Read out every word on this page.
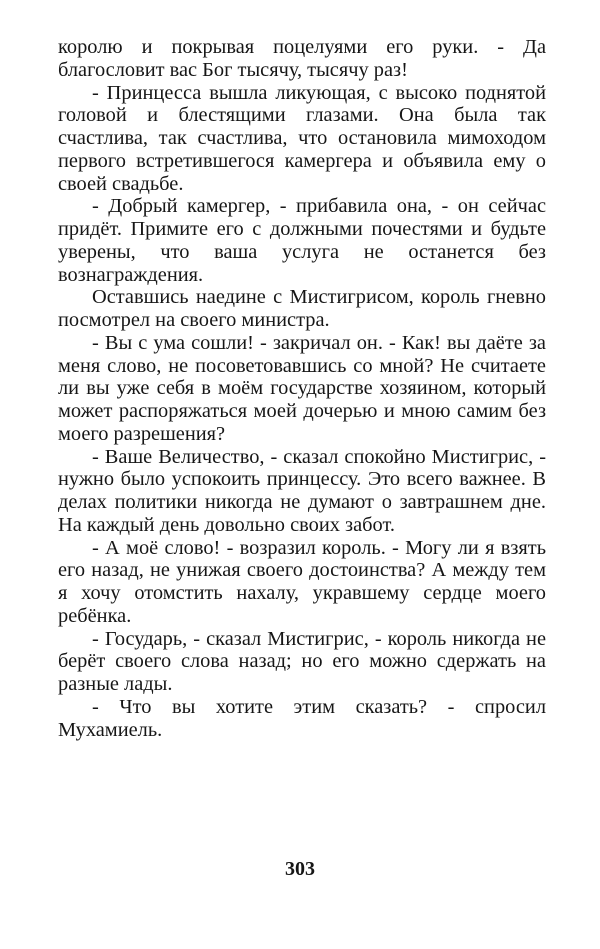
королю и покрывая поцелуями его руки. - Да благословит вас Бог тысячу, тысячу раз!

- Принцесса вышла ликующая, с высоко поднятой головой и блестящими глазами. Она была так счастлива, так счастлива, что остановила мимоходом первого встретившегося камергера и объявила ему о своей свадьбе.

- Добрый камергер, - прибавила она, - он сейчас придёт. Примите его с должными почестями и будьте уверены, что ваша услуга не останется без вознаграждения.

Оставшись наедине с Мистигрисом, король гневно посмотрел на своего министра.

- Вы с ума сошли! - закричал он. - Как! вы даёте за меня слово, не посоветовавшись со мной? Не считаете ли вы уже себя в моём государстве хозяином, который может распоряжаться моей дочерью и мною самим без моего разрешения?

- Ваше Величество, - сказал спокойно Мистигрис, - нужно было успокоить принцессу. Это всего важнее. В делах политики никогда не думают о завтрашнем дне. На каждый день довольно своих забот.

- А моё слово! - возразил король. - Могу ли я взять его назад, не унижая своего достоинства? А между тем я хочу отомстить нахалу, укравшему сердце моего ребёнка.

- Государь, - сказал Мистигрис, - король никогда не берёт своего слова назад; но его можно сдержать на разные лады.

- Что вы хотите этим сказать? - спросил Мухамиель.

303
